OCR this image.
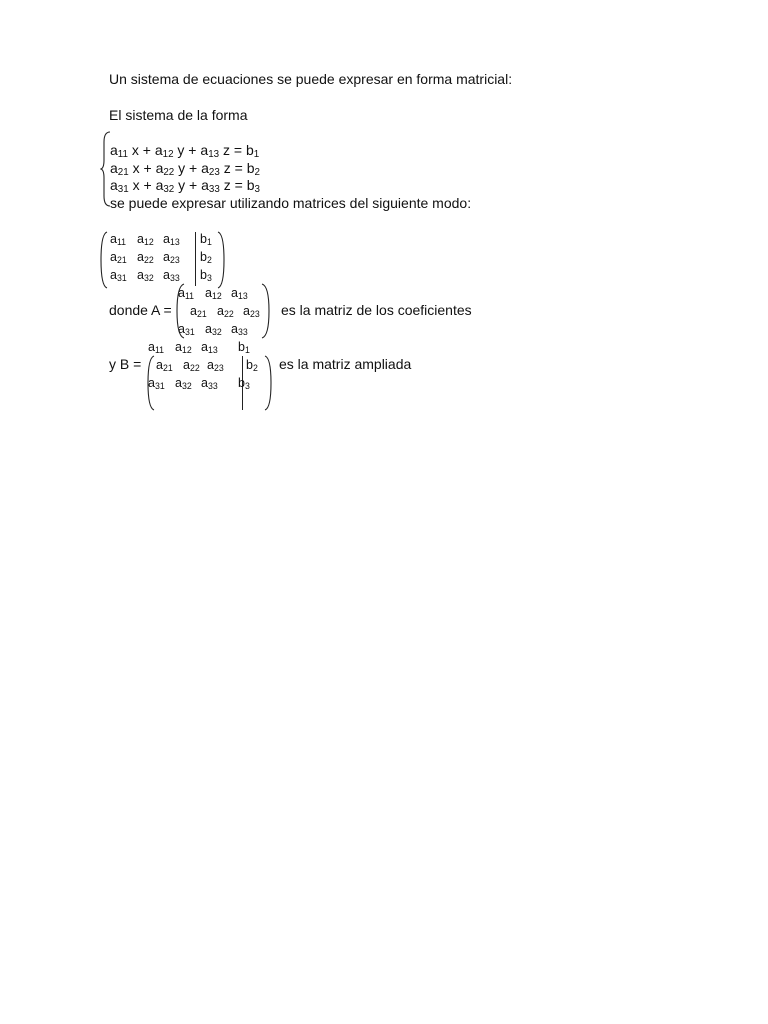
Un sistema de ecuaciones se puede expresar en forma matricial:
El sistema de la forma
$a_{11}$ $x + a_{12}$ $y + a_{13}$ $z = b_1$
$a_{21}$ $x + a_{22}$ $y + a_{23}$ $z = b_2$
$a_{31}$ $x + a_{32}$ $y + a_{33}$ $z = b_3$
se puede expresar utilizando matrices del siguiente modo:
$a_{11}$ $a_{12}$ $a_{13}$ $b_1$
$a_{21}$ $a_{22}$ $a_{23}$ $b_2$
$a_{31}$ $a_{32}$ $a_{33}$ $b_3$
donde A =
$a_{11}$ $a_{12}$ $a_{13}$
$a_{21}$ $a_{22}$ $a_{23}$
$a_{31}$ $a_{32}$ $a_{33}$
es la matriz de los coeficientes
y B =
$a_{11}$ $a_{12}$ $a_{13}$ $b_1$
$a_{21}$ $a_{22}$ $a_{23}$ $b_2$
$a_{31}$ $a_{32}$ $a_{33}$ $b_3$
es la matriz ampliada
